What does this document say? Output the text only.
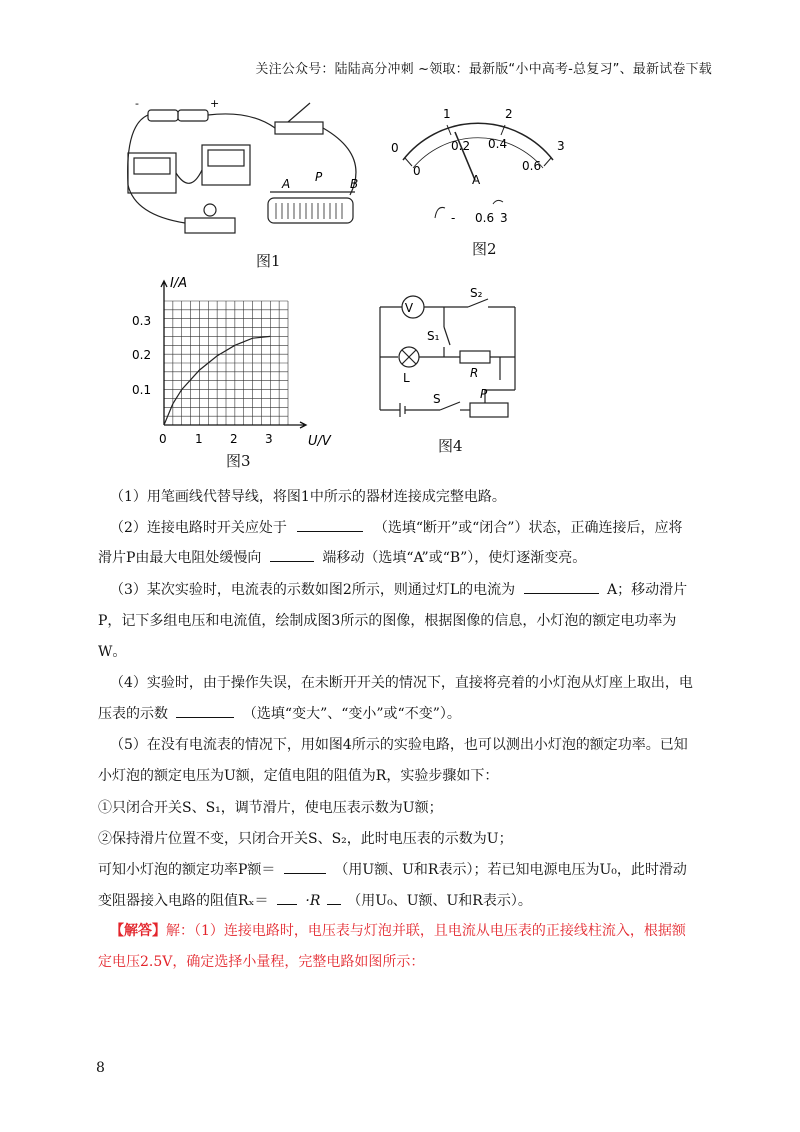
关注公众号：陆陆高分冲刺 ~领取：最新版“小中高考-总复习”、最新试卷下载
-	+
A P B
图1
1	2
3
0
0
0.2 0.4
0.6
A
- 0.6 3
图2
I/A
U/V
0.3
0.2
0.1
0 1 2 3
图3
V
S₂
S₁
L	R
S	P
图4
（1）用笔画线代替导线，将图1中所示的器材连接成完整电路。
（2）连接电路时开关应处于	（选填“断开”或“闭合”）状态，正确连接后，应将
滑片P由最大电阻处缓慢向	端移动（选填“A”或“B”），使灯逐渐变亮。
（3）某次实验时，电流表的示数如图2所示，则通过灯L的电流为	A；移动滑片
P，记下多组电压和电流值，绘制成图3所示的图像，根据图像的信息，小灯泡的额定电功率为
W。
（4）实验时，由于操作失误，在未断开开关的情况下，直接将亮着的小灯泡从灯座上取出，电
压表的示数	（选填“变大”、“变小”或“不变”）。
（5）在没有电流表的情况下，用如图4所示的实验电路，也可以测出小灯泡的额定功率。已知
小灯泡的额定电压为U额，定值电阻的阻值为R，实验步骤如下：
①只闭合开关S、S₁，调节滑片，使电压表示数为U额；
②保持滑片位置不变，只闭合开关S、S₂，此时电压表的示数为U；
可知小灯泡的额定功率P额＝	（用U额、U和R表示）；若已知电源电压为U₀，此时滑动
变阻器接入电路的阻值Rₓ＝	·R （用U₀、U额、U和R表示）。
【解答】解：（1）连接电路时，电压表与灯泡并联，且电流从电压表的正接线柱流入，根据额
定电压2.5V，确定选择小量程，完整电路如图所示：
8
